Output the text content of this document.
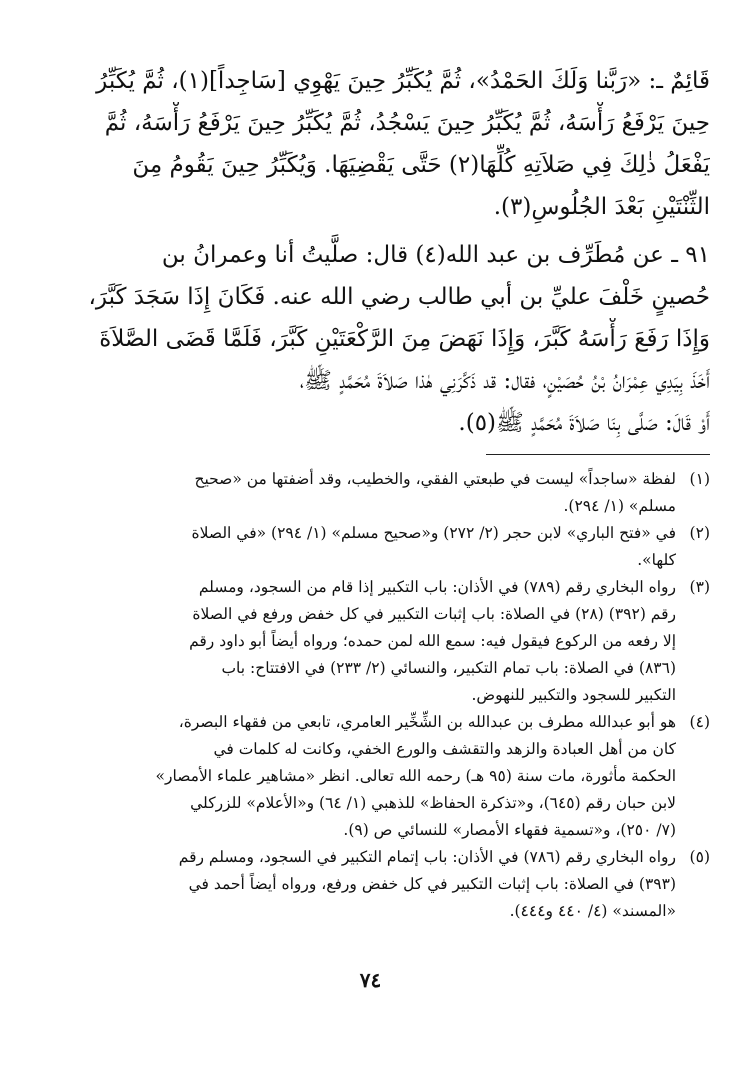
قَائِمٌ ـ: «رَبَّنا وَلَكَ الحَمْدُ»، ثُمَّ يُكَبِّرُ حِينَ يَهْوِي [سَاجِداً](١)، ثُمَّ يُكَبِّرُ
حِينَ يَرْفَعُ رَأْسَهُ، ثُمَّ يُكَبِّرُ حِينَ يَسْجُدُ، ثُمَّ يُكَبِّرُ حِينَ يَرْفَعُ رَأْسَهُ، ثُمَّ
يَفْعَلُ ذٰلِكَ فِي صَلاَتِهِ كُلِّهَا(٢) حَتَّى يَقْضِيَهَا. وَيُكَبِّرُ حِينَ يَقُومُ مِنَ
الثِّنْتَيْنِ بَعْدَ الجُلُوسِ(٣).
٩١ ـ عن مُطَرِّف بن عبد الله(٤) قال: صلَّيتُ أنا وعمرانُ بن
حُصينٍ خَلْفَ عليِّ بن أبي طالب رضي الله عنه. فَكَانَ إِذَا سَجَدَ كَبَّرَ،
وَإِذَا رَفَعَ رَأْسَهُ كَبَّرَ، وَإِذَا نَهَضَ مِنَ الرَّكْعَتَيْنِ كَبَّرَ، فَلَمَّا قَضَى الصَّلاَةَ
أَخَذَ بِيَدِي عِمْرَانُ بْنُ حُصَيْنٍ، فقال: قد ذَكَّرَنِي هٰذا صَلاَةَ مُحَمَّدٍ ﷺ،
أَوْ قَالَ: صَلَّى بِنَا صَلاَةَ مُحَمَّدٍ ﷺ(٥).
(١)
لفظة «ساجداً» ليست في طبعتي الفقي، والخطيب، وقد أضفتها من «صحيح
مسلم» (١/ ٢٩٤).
(٢)
في «فتح الباري» لابن حجر (٢/ ٢٧٢) و«صحيح مسلم» (١/ ٢٩٤) «في الصلاة
كلها».
(٣)
رواه البخاري رقم (٧٨٩) في الأذان: باب التكبير إذا قام من السجود، ومسلم
رقم (٣٩٢) (٢٨) في الصلاة: باب إثبات التكبير في كل خفض ورفع في الصلاة
إلا رفعه من الركوع فيقول فيه: سمع الله لمن حمده؛ ورواه أيضاً أبو داود رقم
(٨٣٦) في الصلاة: باب تمام التكبير، والنسائي (٢/ ٢٣٣) في الافتتاح: باب
التكبير للسجود والتكبير للنهوض.
(٤)
هو أبو عبدالله مطرف بن عبدالله بن الشِّخِّير العامري، تابعي من فقهاء البصرة،
كان من أهل العبادة والزهد والتقشف والورع الخفي، وكانت له كلمات في
الحكمة مأثورة، مات سنة (٩٥ هـ) رحمه الله تعالى. انظر «مشاهير علماء الأمصار»
لابن حبان رقم (٦٤٥)، و«تذكرة الحفاظ» للذهبي (١/ ٦٤) و«الأعلام» للزركلي
(٧/ ٢٥٠)، و«تسمية فقهاء الأمصار» للنسائي ص (٩).
(٥)
رواه البخاري رقم (٧٨٦) في الأذان: باب إتمام التكبير في السجود، ومسلم رقم
(٣٩٣) في الصلاة: باب إثبات التكبير في كل خفض ورفع، ورواه أيضاً أحمد في
«المسند» (٤/ ٤٤٠ و٤٤٤).
٧٤
